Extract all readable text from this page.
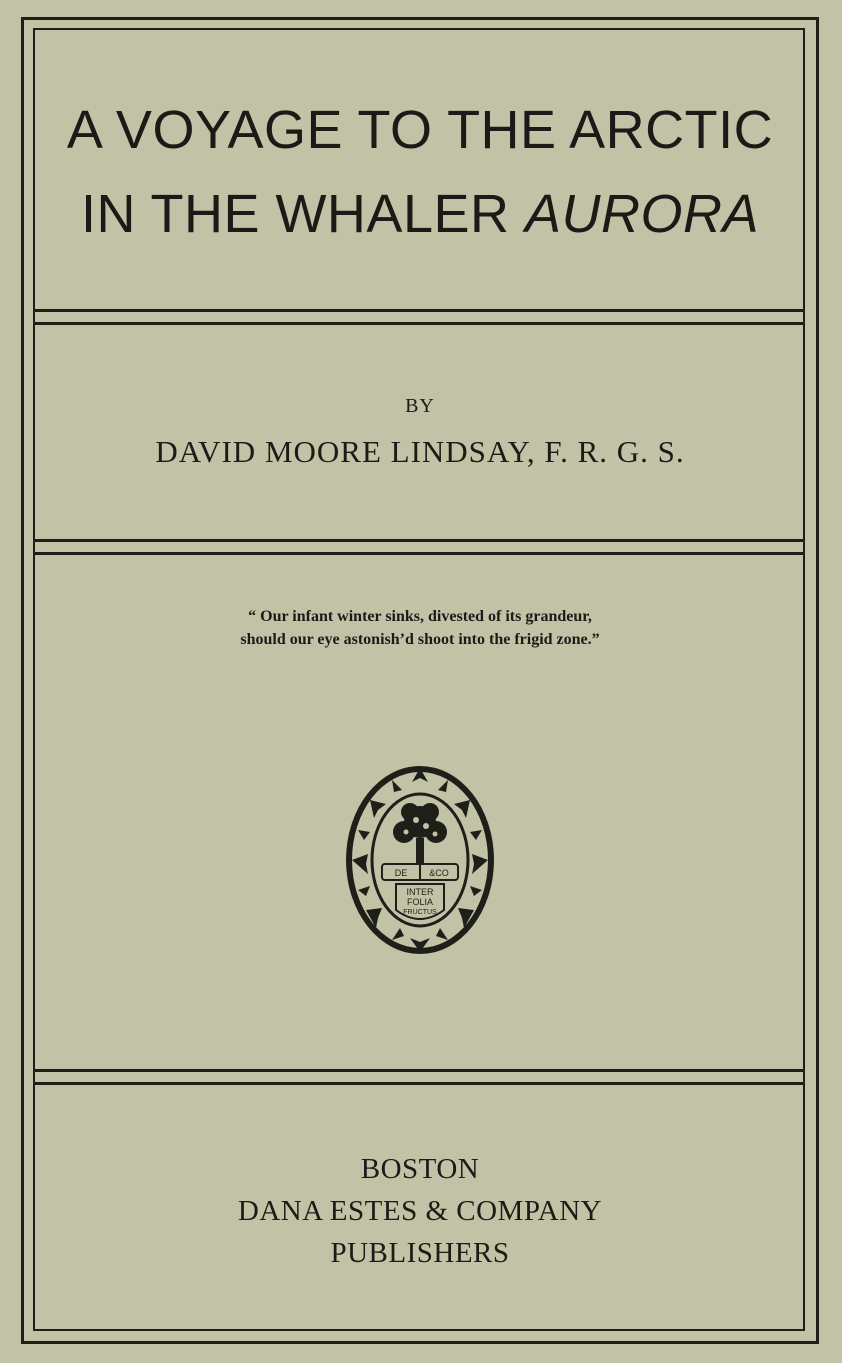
A VOYAGE TO THE ARCTIC
IN THE WHALER AURORA
BY
DAVID MOORE LINDSAY, F. R. G. S.
“ Our infant winter sinks, divested of its grandeur,
should our eye astonish’d shoot into the frigid zone.”
DE &CO
INTER
FOLIA
FRUCTUS
BOSTON
DANA ESTES & COMPANY
PUBLISHERS
